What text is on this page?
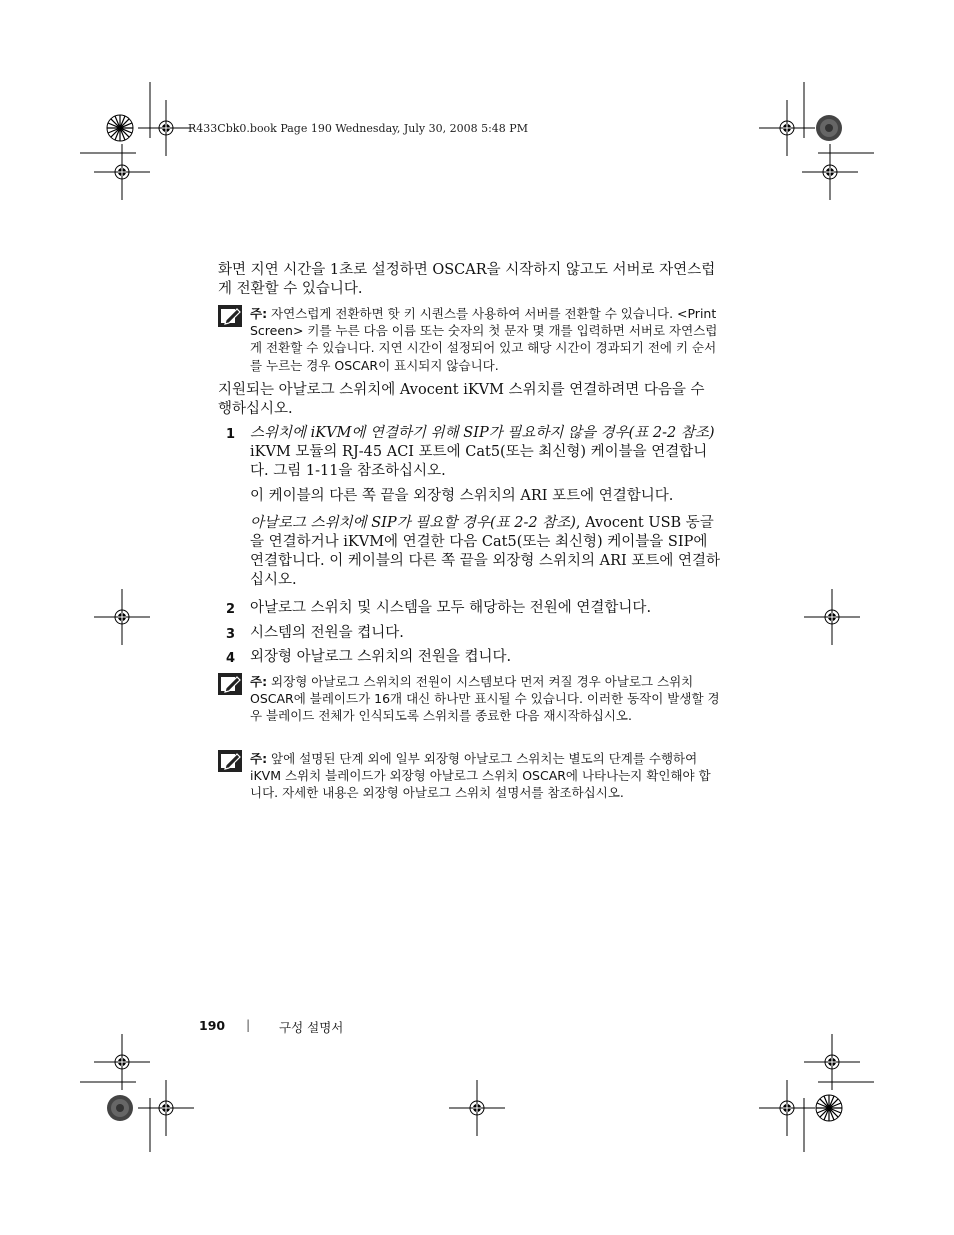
R433Cbk0.book Page 190 Wednesday, July 30, 2008 5:48 PM

화면 지연 시간을 1초로 설정하면 OSCAR을 시작하지 않고도 서버로 자연스럽게 전환할 수 있습니다.

주: 자연스럽게 전환하면 핫 키 시퀀스를 사용하여 서버를 전환할 수 있습니다. <Print Screen> 키를 누른 다음 이름 또는 숫자의 첫 문자 몇 개를 입력하면 서버로 자연스럽게 전환할 수 있습니다. 지연 시간이 설정되어 있고 해당 시간이 경과되기 전에 키 순서를 누르는 경우 OSCAR이 표시되지 않습니다.

지원되는 아날로그 스위치에 Avocent iKVM 스위치를 연결하려면 다음을 수행하십시오.

1 스위치에 iKVM에 연결하기 위해 SIP가 필요하지 않을 경우(표 2-2 참조) iKVM 모듈의 RJ-45 ACI 포트에 Cat5(또는 최신형) 케이블을 연결합니다. 그림 1-11을 참조하십시오.

이 케이블의 다른 쪽 끝을 외장형 스위치의 ARI 포트에 연결합니다.

아날로그 스위치에 SIP가 필요할 경우(표 2-2 참조), Avocent USB 동글을 연결하거나 iKVM에 연결한 다음 Cat5(또는 최신형) 케이블을 SIP에 연결합니다. 이 케이블의 다른 쪽 끝을 외장형 스위치의 ARI 포트에 연결하십시오.

2 아날로그 스위치 및 시스템을 모두 해당하는 전원에 연결합니다.

3 시스템의 전원을 켭니다.

4 외장형 아날로그 스위치의 전원을 켭니다.

주: 외장형 아날로그 스위치의 전원이 시스템보다 먼저 켜질 경우 아날로그 스위치 OSCAR에 블레이드가 16개 대신 하나만 표시될 수 있습니다. 이러한 동작이 발생할 경우 블레이드 전체가 인식되도록 스위치를 종료한 다음 재시작하십시오.

주: 앞에 설명된 단계 외에 일부 외장형 아날로그 스위치는 별도의 단계를 수행하여 iKVM 스위치 블레이드가 외장형 아날로그 스위치 OSCAR에 나타나는지 확인해야 합니다. 자세한 내용은 외장형 아날로그 스위치 설명서를 참조하십시오.

190 | 구성 설명서
